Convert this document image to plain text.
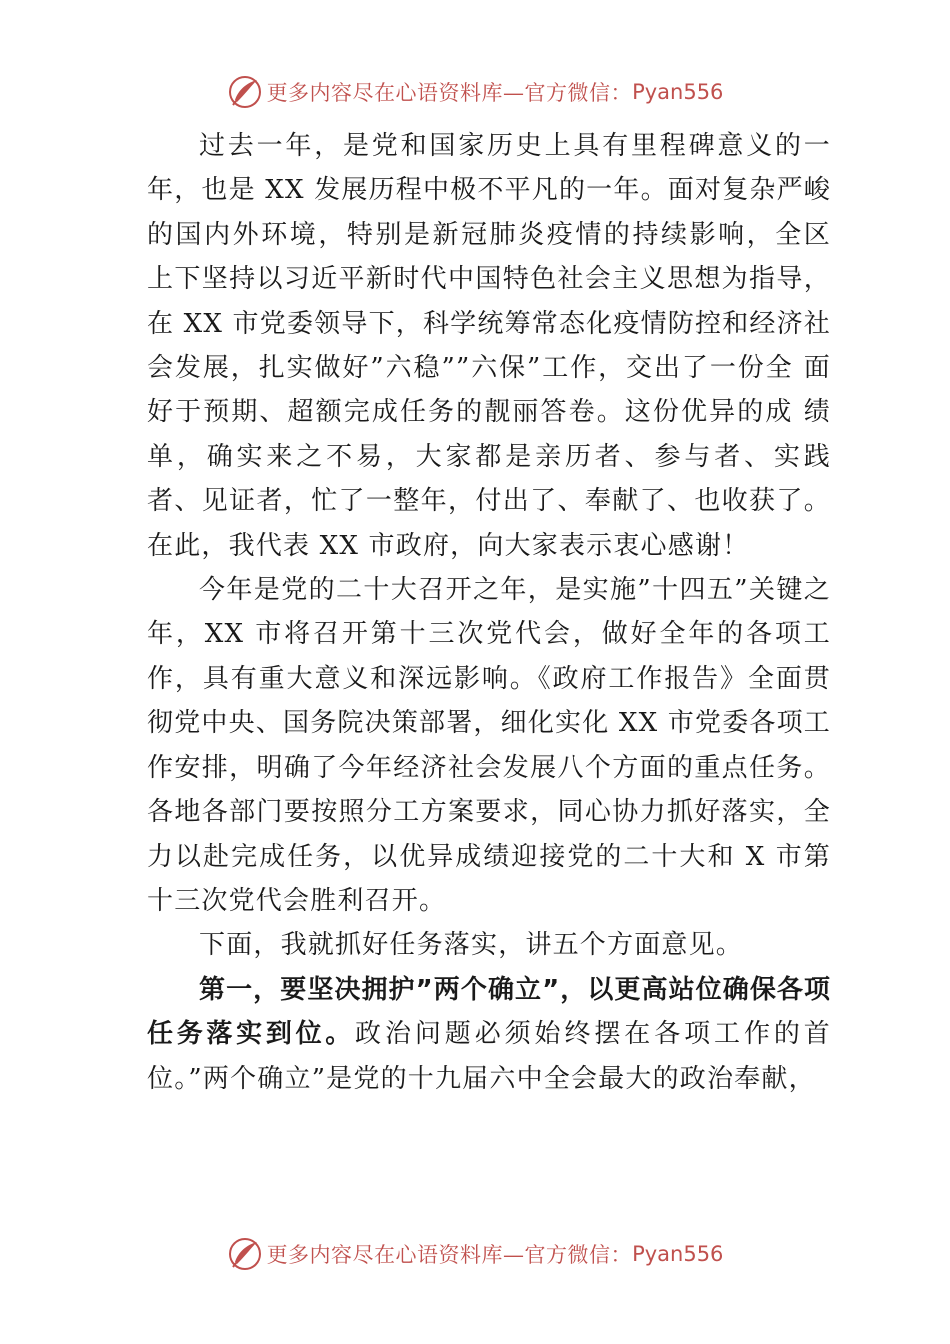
更多内容尽在心语资料库—官方微信： Pyan556

过去一年，是党和国家历史上具有里程碑意义的一年，也是 XX 发展历程中极不平凡的一年。面对复杂严峻的国内外环境，特别是新冠肺炎疫情的持续影响，全区 上下坚持以习近平新时代中国特色社会主义思想为指导，在 XX 市党委领导下，科学统筹常态化疫情防控和经济社会发展，扎实做好”六稳””六保”工作，交出了一份全 面好于预期、超额完成任务的靓丽答卷。这份优异的成 绩单，确实来之不易，大家都是亲历者、参与者、实践 者、见证者，忙了一整年，付出了、奉献了、也收获了。在此，我代表 XX 市政府，向大家表示衷心感谢！

今年是党的二十大召开之年，是实施”十四五”关键之年，XX 市将召开第十三次党代会，做好全年的各项工作，具有重大意义和深远影响。《政府工作报告》全面贯彻党中央、国务院决策部署，细化实化 XX 市党委各项工作安排，明确了今年经济社会发展八个方面的重点任务。各地各部门要按照分工方案要求，同心协力抓好落实，全力以赴完成任务，以优异成绩迎接党的二十大和 X 市第十三次党代会胜利召开。

下面，我就抓好任务落实，讲五个方面意见。

第一，要坚决拥护”两个确立”，以更高站位确保各项任务落实到位。政治问题必须始终摆在各项工作的首位。”两个确立”是党的十九届六中全会最大的政治奉献，

更多内容尽在心语资料库—官方微信： Pyan556
